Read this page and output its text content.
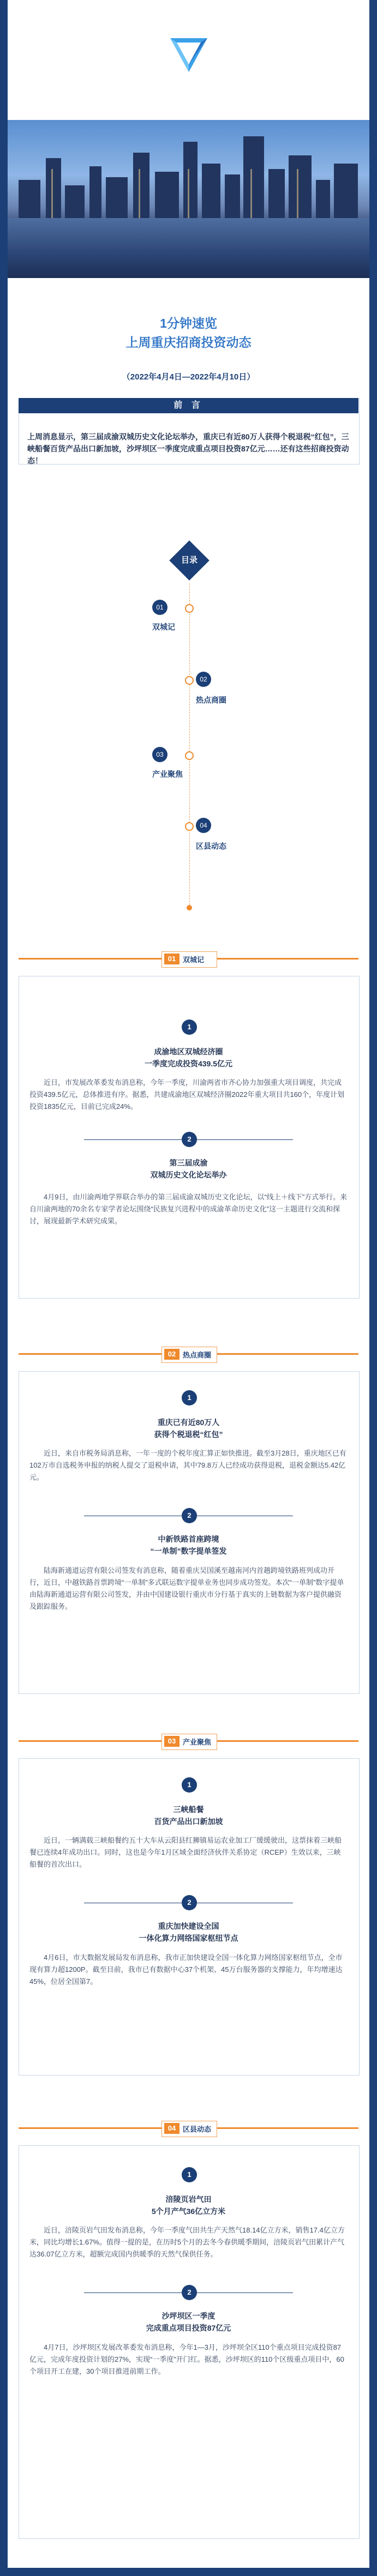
1分钟速览
上周重庆招商投资动态
（2022年4月4日—2022年4月10日）
前 言
上周消息显示，第三届成渝双城历史文化论坛举办，重庆已有近80万人获得个税退税“红包”，三峡船餐百货产品出口新加坡，沙坪坝区一季度完成重点项目投资87亿元……还有这些招商投资动态！
目录
01
双城记
02
热点商圈
03
产业聚焦
04
区县动态
01 双城记
1
成渝地区双城经济圈
一季度完成投资439.5亿元
近日，市发展改革委发布消息称，今年一季度，川渝两省市齐心协力加强重大项目调度，共完成投资439.5亿元，总体推进有序。据悉，共建成渝地区双城经济圈2022年重大项目共160个，年度计划投资1835亿元，目前已完成24%。
2
第三届成渝
双城历史文化论坛举办
4月9日，由川渝两地学界联合举办的第三届成渝双城历史文化论坛，以“线上＋线下”方式举行。来自川渝两地的70余名专家学者论坛围绕“民族复兴进程中的成渝革命历史文化”这一主题进行交流和探讨，展现最新学术研究成果。
02 热点商圈
1
重庆已有近80万人
获得个税退税“红包”
近日，来自市税务局消息称，一年一度的个税年度汇算正如快推进。截至3月28日，重庆地区已有102万市自选税务申报的纳税人提交了退税申请，其中79.8万人已经成功获得退税，退税金额达5.42亿元。
2
中新铁路首座跨境
“一单制”数字提单签发
陆海新通道运营有限公司签发有消息称，随着重庆吴国溪至越南河内首趟跨境铁路班列成功开行，近日，中越铁路首票跨境“一单制”多式联运数字提单业务也同步成功签发。本次“一单制”数字提单由陆海新通道运营有限公司签发，并由中国建设银行重庆市分行基于真实的上链数据为客户提供融资及跟踪服务。
03 产业聚焦
1
三峡船餐
百货产品出口新加坡
近日，一辆满载三峡船餐约五十大车从云阳县红狮镇易运农业加工厂缓缓驶出，这票抹着三峡船餐已连续4年成功出口。同时，这也是今年1月区域全面经济伙伴关系协定（RCEP）生效以来，三峡船餐的首次出口。
2
重庆加快建设全国
一体化算力网络国家枢纽节点
4月6日，市大数据发展局发布消息称，我市正加快建设全国一体化算力网络国家枢纽节点，全市现有算力超1200P。截至目前，我市已有数据中心37个机架、45万台服务器的支撑能力，年均增速达45%，位居全国第7。
04 区县动态
1
涪陵页岩气田
5个月产气36亿立方米
近日，涪陵页岩气田发布消息称，今年一季度气田共生产天然气18.14亿立方米，销售17.4亿立方米，同比均增长1.67%。值得一提的是，在历时5个月的去冬今春供暖季期间，涪陵页岩气田累计产气达36.07亿立方米，超额完成国内供暖季的天然气保供任务。
2
沙坪坝区一季度
完成重点项目投资87亿元
4月7日，沙坪坝区发展改革委发布消息称，今年1—3月，沙坪坝全区110个重点项目完成投资87亿元，完成年度投资计划的27%，实现“一季度”开门红。据悉，沙坪坝区的110个区级重点项目中，60个项目开工在建，30个项目推进前期工作。
